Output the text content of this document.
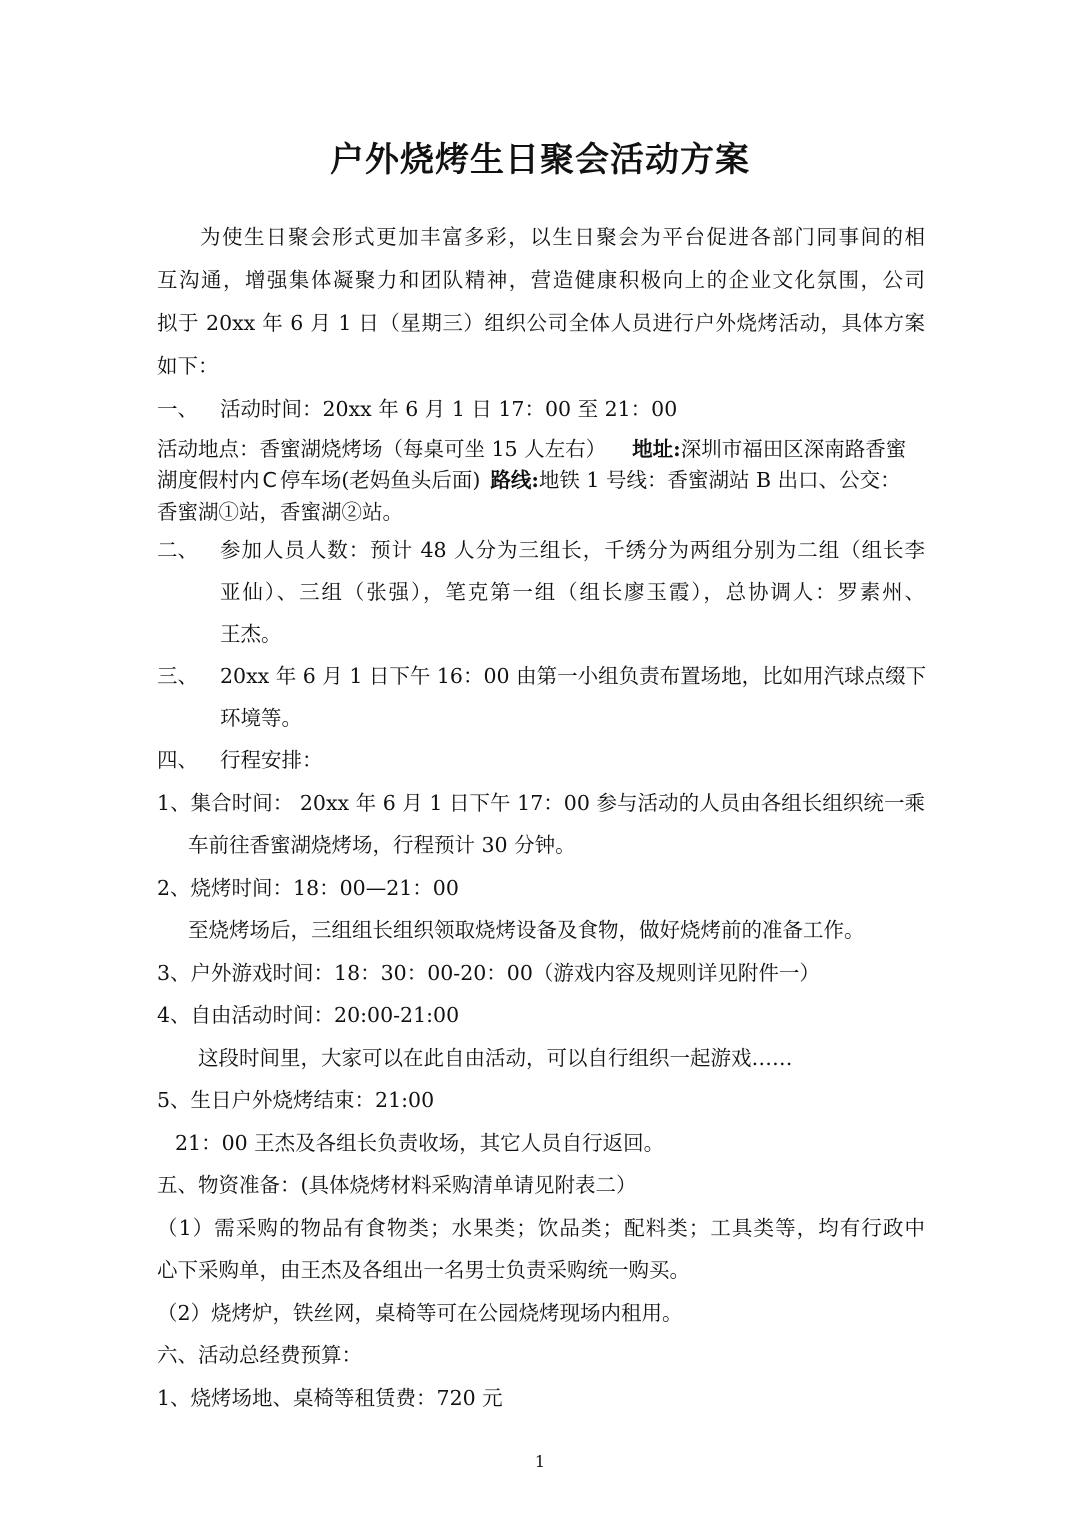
户外烧烤生日聚会活动方案
为使生日聚会形式更加丰富多彩，以生日聚会为平台促进各部门同事间的相
互沟通，增强集体凝聚力和团队精神，营造健康积极向上的企业文化氛围，公司
拟于 20xx 年 6 月 1 日（星期三）组织公司全体人员进行户外烧烤活动，具体方案
如下：
一、 活动时间：20xx 年 6 月 1 日 17：00 至 21：00
活动地点：香蜜湖烧烤场（每桌可坐 15 人左右） 地址:深圳市福田区深南路香蜜
湖度假村内 C 停车场(老妈鱼头后面) 路线:地铁 1 号线：香蜜湖站 B 出口、公交：
香蜜湖①站，香蜜湖②站。
二、 参加人员人数：预计 48 人分为三组长，千绣分为两组分别为二组（组长李
亚仙）、三组（张强），笔克第一组（组长廖玉霞），总协调人：罗素州、
王杰。
三、 20xx 年 6 月 1 日下午 16：00 由第一小组负责布置场地，比如用汽球点缀下
环境等。
四、 行程安排：
1、集合时间： 20xx 年 6 月 1 日下午 17：00 参与活动的人员由各组长组织统一乘
车前往香蜜湖烧烤场，行程预计 30 分钟。
2、烧烤时间：18：00—21：00
至烧烤场后，三组组长组织领取烧烤设备及食物，做好烧烤前的准备工作。
3、户外游戏时间：18：30：00-20：00（游戏内容及规则详见附件一）
4、自由活动时间：20:00-21:00
这段时间里，大家可以在此自由活动，可以自行组织一起游戏……
5、生日户外烧烤结束：21:00
21：00 王杰及各组长负责收场，其它人员自行返回。
五、物资准备：(具体烧烤材料采购清单请见附表二）
（1）需采购的物品有食物类；水果类；饮品类；配料类；工具类等，均有行政中
心下采购单，由王杰及各组出一名男士负责采购统一购买。
（2）烧烤炉，铁丝网，桌椅等可在公园烧烤现场内租用。
六、活动总经费预算：
1、烧烤场地、桌椅等租赁费：720 元
1
